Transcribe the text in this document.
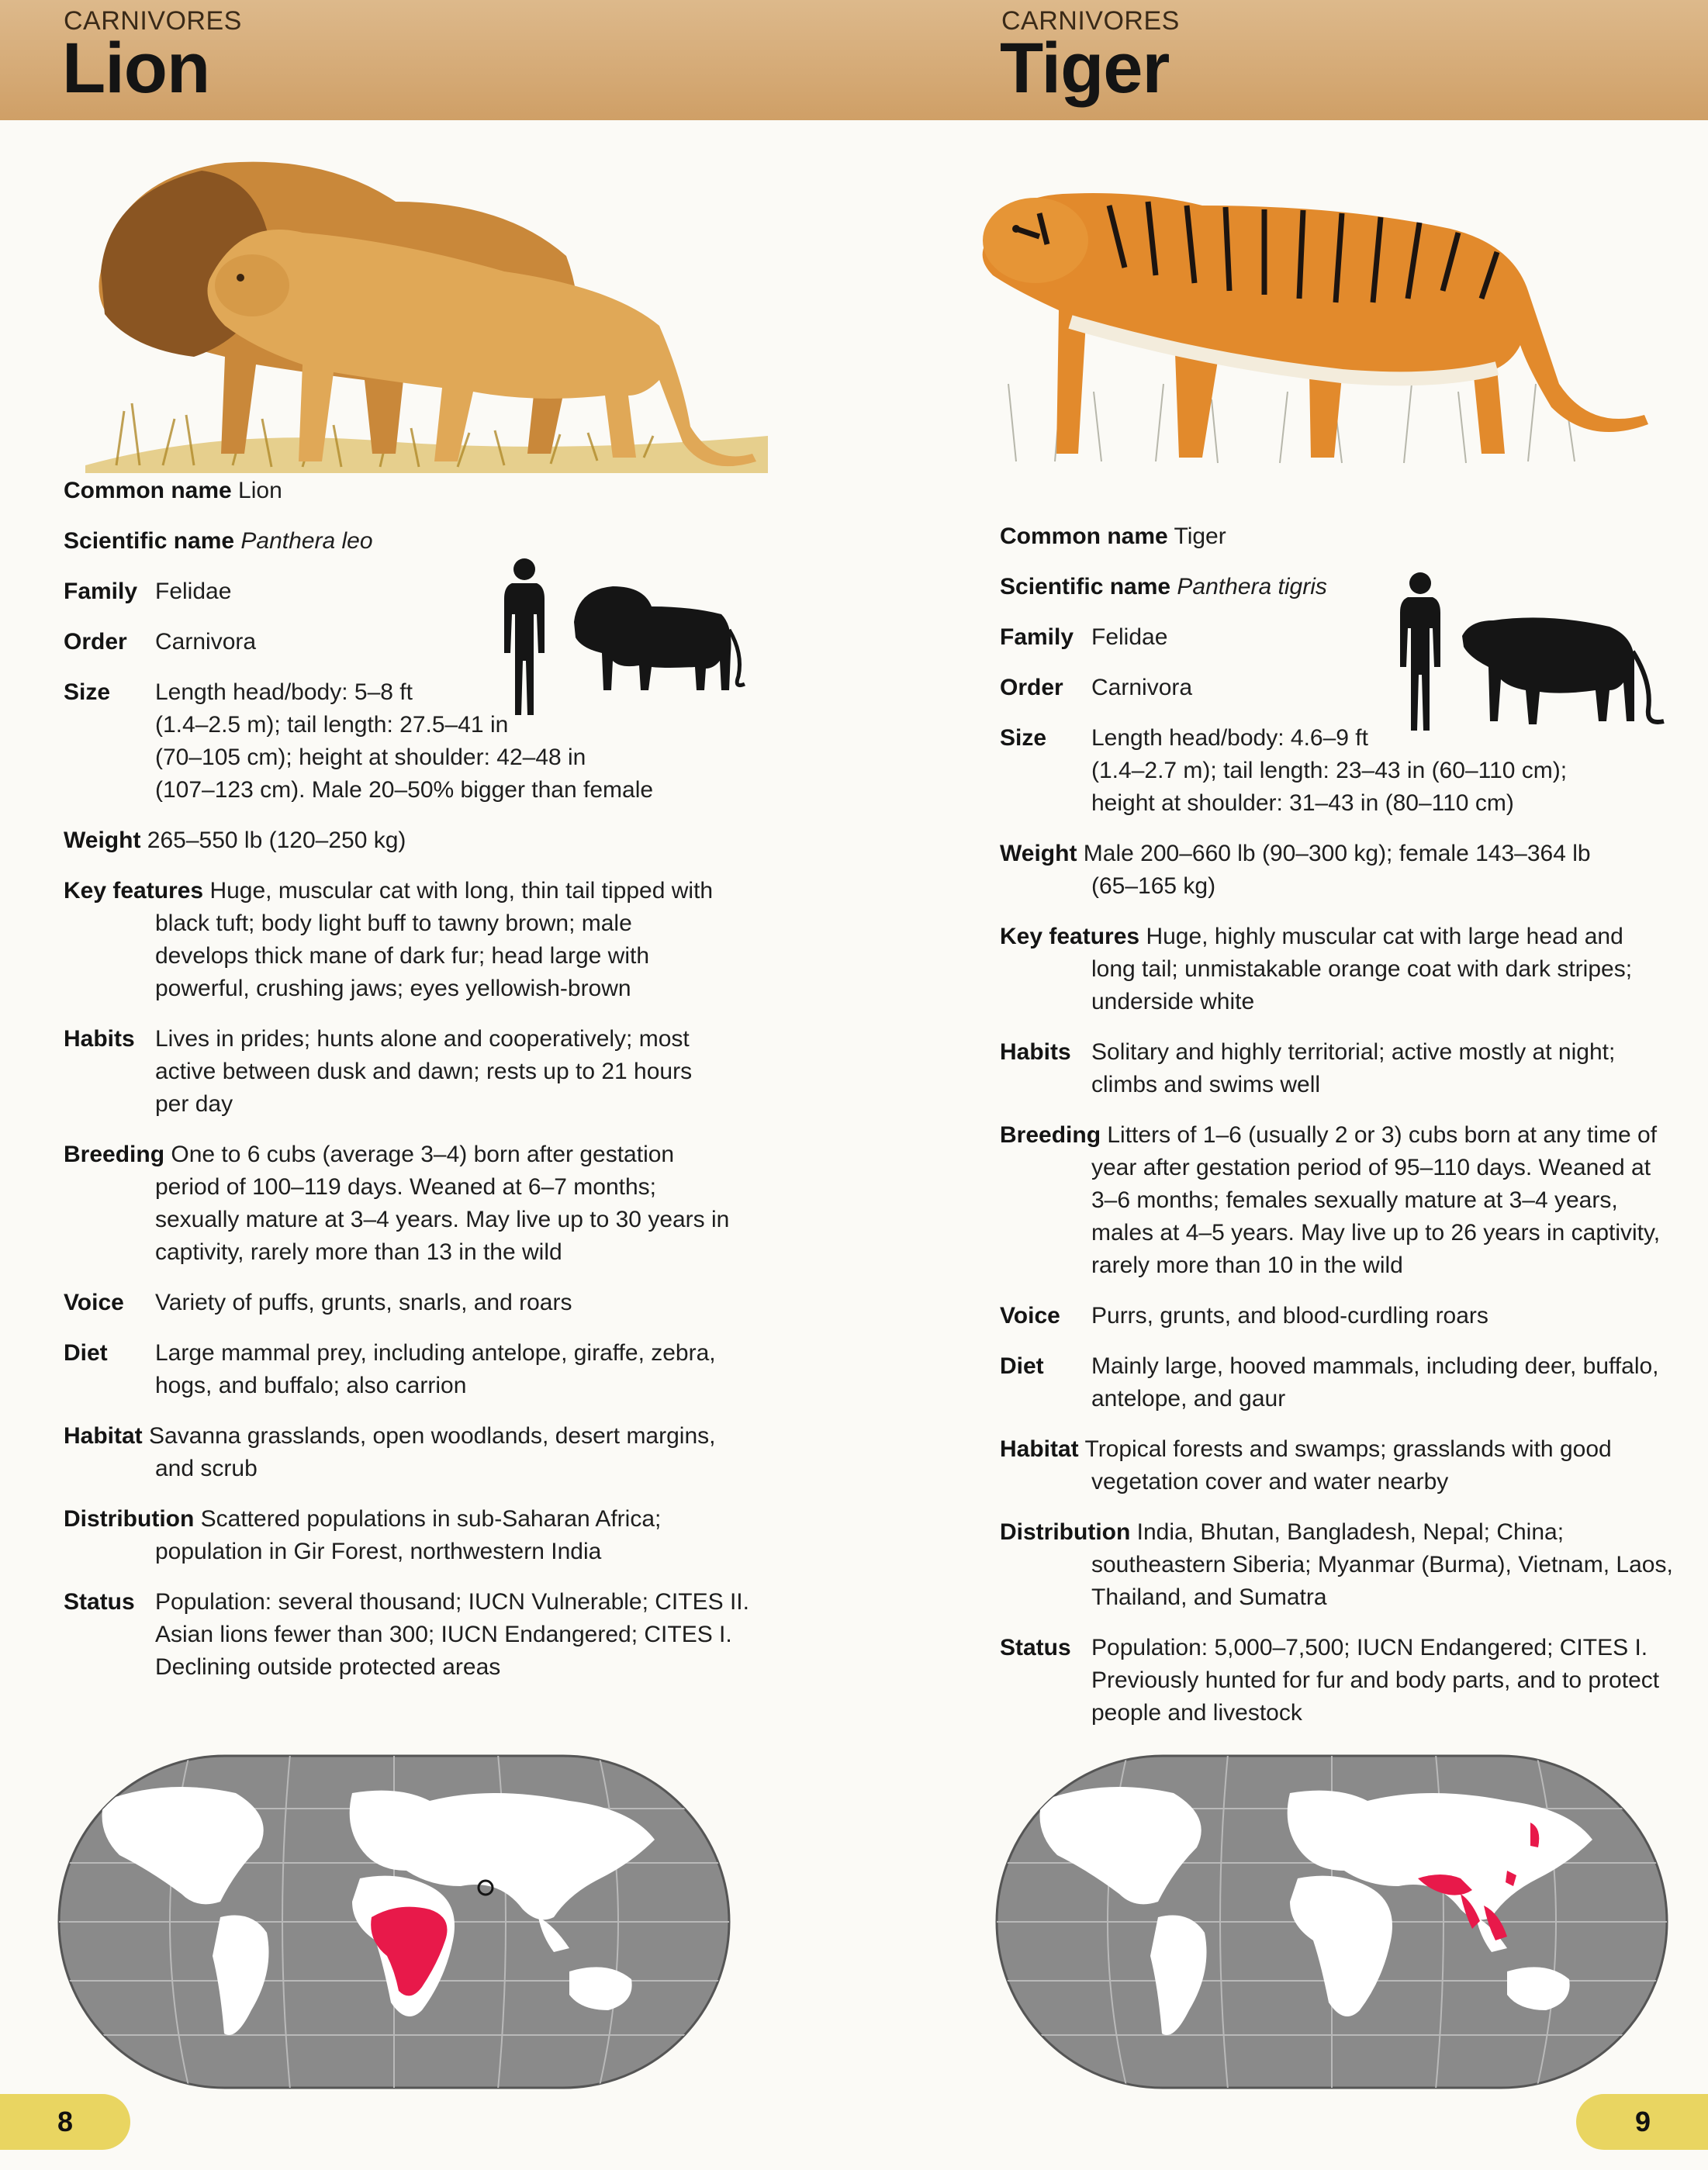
CARNIVORES
Lion
Common name Lion
Scientific name Panthera leo
Family Felidae
Order Carnivora
Size Length head/body: 5–8 ft
(1.4–2.5 m); tail length: 27.5–41 in
(70–105 cm); height at shoulder: 42–48 in
(107–123 cm). Male 20–50% bigger than female
Weight 265–550 lb (120–250 kg)
Key features Huge, muscular cat with long, thin tail tipped with
black tuft; body light buff to tawny brown; male
develops thick mane of dark fur; head large with
powerful, crushing jaws; eyes yellowish-brown
Habits Lives in prides; hunts alone and cooperatively; most
active between dusk and dawn; rests up to 21 hours
per day
Breeding One to 6 cubs (average 3–4) born after gestation
period of 100–119 days. Weaned at 6–7 months;
sexually mature at 3–4 years. May live up to 30 years in
captivity, rarely more than 13 in the wild
Voice Variety of puffs, grunts, snarls, and roars
Diet Large mammal prey, including antelope, giraffe, zebra,
hogs, and buffalo; also carrion
Habitat Savanna grasslands, open woodlands, desert margins,
and scrub
Distribution Scattered populations in sub-Saharan Africa;
population in Gir Forest, northwestern India
Status Population: several thousand; IUCN Vulnerable; CITES II.
Asian lions fewer than 300; IUCN Endangered; CITES I.
Declining outside protected areas
8
CARNIVORES
Tiger
Common name Tiger
Scientific name Panthera tigris
Family Felidae
Order Carnivora
Size Length head/body: 4.6–9 ft
(1.4–2.7 m); tail length: 23–43 in (60–110 cm);
height at shoulder: 31–43 in (80–110 cm)
Weight Male 200–660 lb (90–300 kg); female 143–364 lb
(65–165 kg)
Key features Huge, highly muscular cat with large head and
long tail; unmistakable orange coat with dark stripes;
underside white
Habits Solitary and highly territorial; active mostly at night;
climbs and swims well
Breeding Litters of 1–6 (usually 2 or 3) cubs born at any time of
year after gestation period of 95–110 days. Weaned at
3–6 months; females sexually mature at 3–4 years,
males at 4–5 years. May live up to 26 years in captivity,
rarely more than 10 in the wild
Voice Purrs, grunts, and blood-curdling roars
Diet Mainly large, hooved mammals, including deer, buffalo,
antelope, and gaur
Habitat Tropical forests and swamps; grasslands with good
vegetation cover and water nearby
Distribution India, Bhutan, Bangladesh, Nepal; China;
southeastern Siberia; Myanmar (Burma), Vietnam, Laos,
Thailand, and Sumatra
Status Population: 5,000–7,500; IUCN Endangered; CITES I.
Previously hunted for fur and body parts, and to protect
people and livestock
9
